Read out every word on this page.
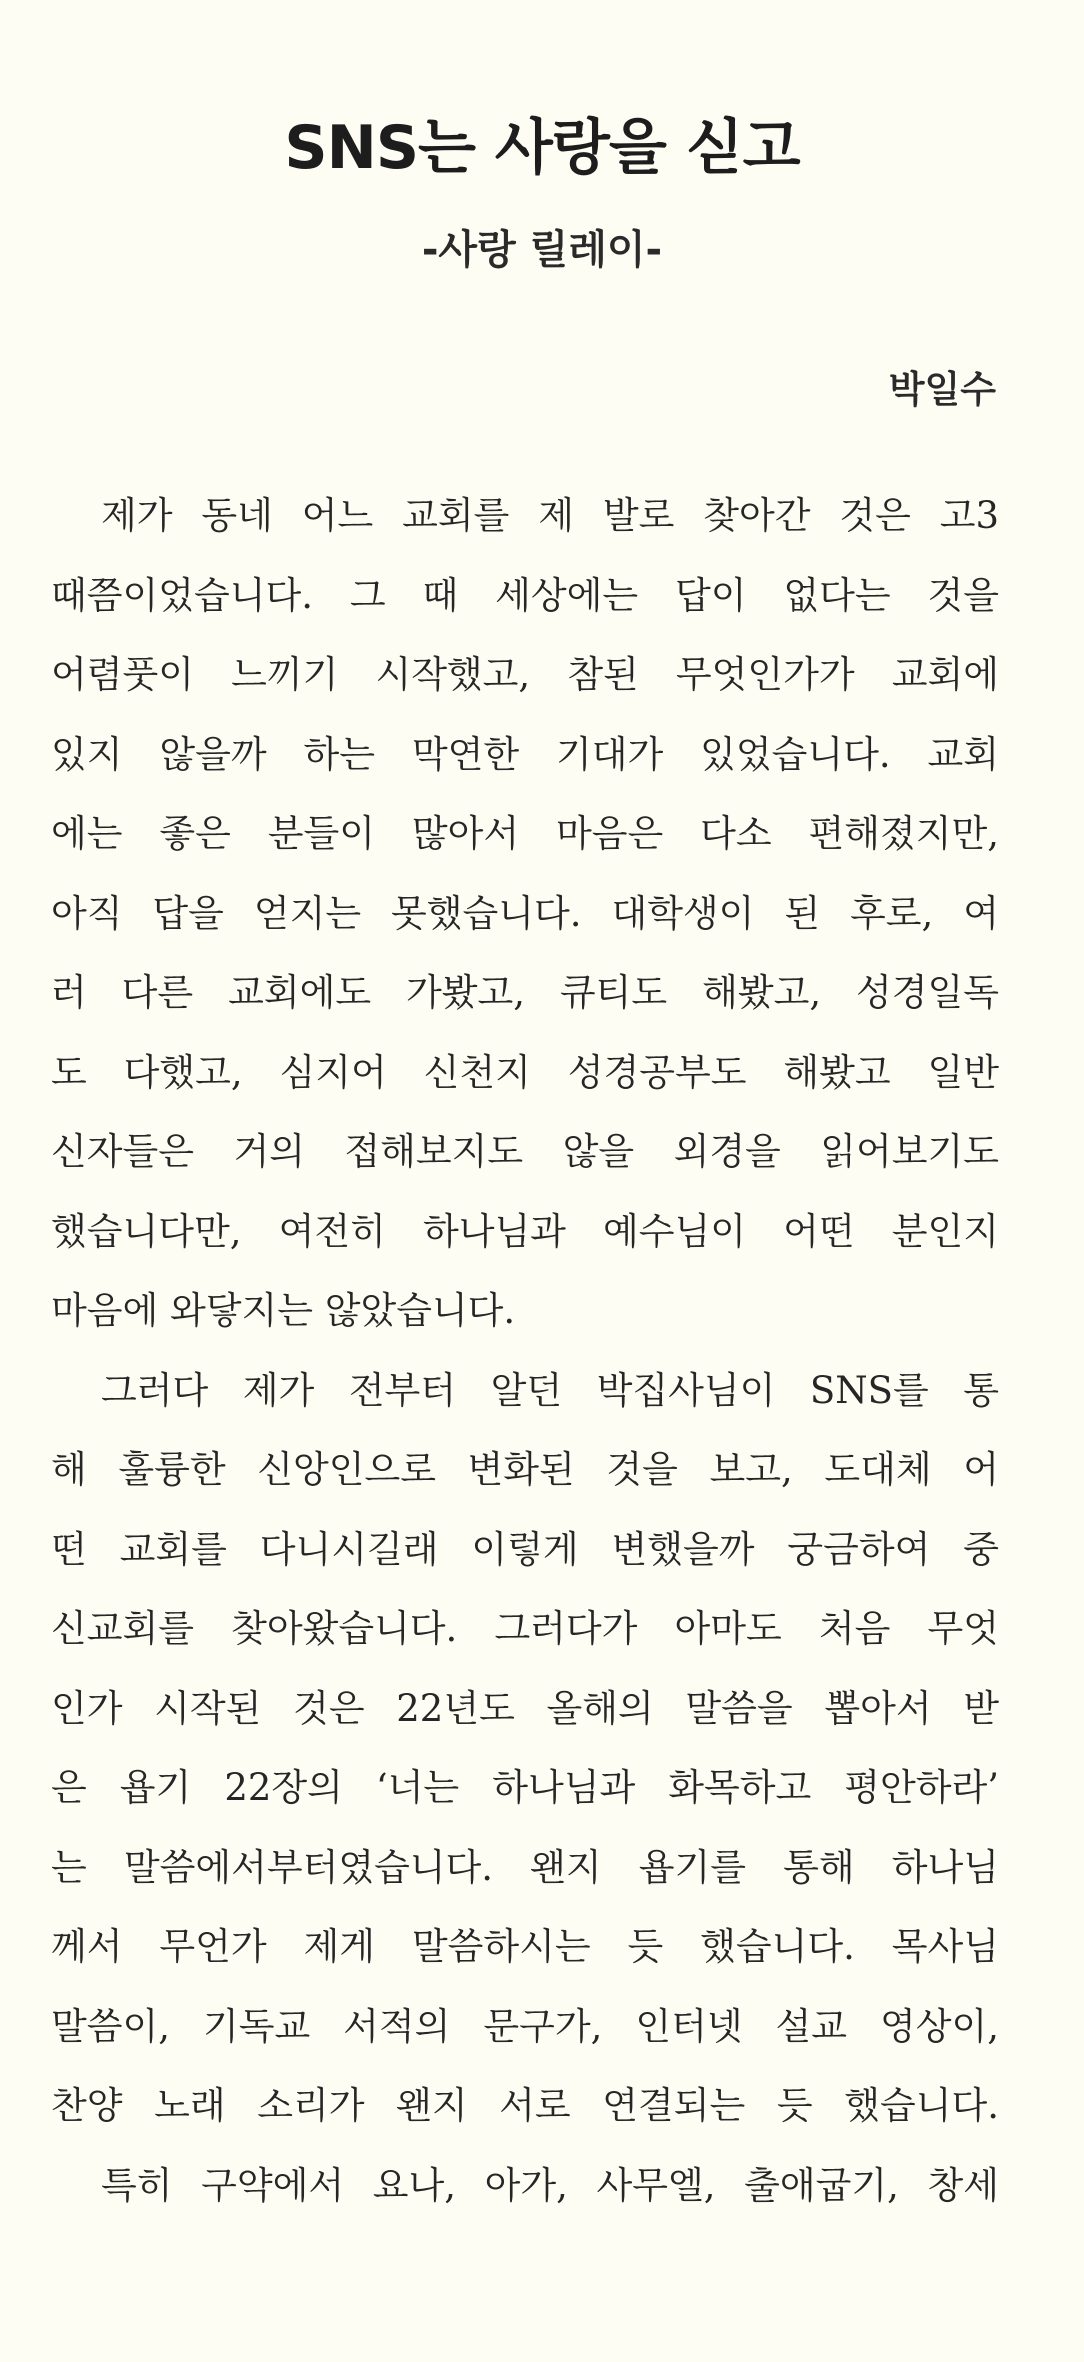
SNS는 사랑을 싣고
-사랑 릴레이-
박일수
제가 동네 어느 교회를 제 발로 찾아간 것은 고3
때쯤이었습니다. 그 때 세상에는 답이 없다는 것을
어렴풋이 느끼기 시작했고, 참된 무엇인가가 교회에
있지 않을까 하는 막연한 기대가 있었습니다. 교회
에는 좋은 분들이 많아서 마음은 다소 편해졌지만,
아직 답을 얻지는 못했습니다. 대학생이 된 후로, 여
러 다른 교회에도 가봤고, 큐티도 해봤고, 성경일독
도 다했고, 심지어 신천지 성경공부도 해봤고 일반
신자들은 거의 접해보지도 않을 외경을 읽어보기도
했습니다만, 여전히 하나님과 예수님이 어떤 분인지
마음에 와닿지는 않았습니다.
그러다 제가 전부터 알던 박집사님이 SNS를 통
해 훌륭한 신앙인으로 변화된 것을 보고, 도대체 어
떤 교회를 다니시길래 이렇게 변했을까 궁금하여 중
신교회를 찾아왔습니다. 그러다가 아마도 처음 무엇
인가 시작된 것은 22년도 올해의 말씀을 뽑아서 받
은 욥기 22장의 ‘너는 하나님과 화목하고 평안하라’
는 말씀에서부터였습니다. 왠지 욥기를 통해 하나님
께서 무언가 제게 말씀하시는 듯 했습니다. 목사님
말씀이, 기독교 서적의 문구가, 인터넷 설교 영상이,
찬양 노래 소리가 왠지 서로 연결되는 듯 했습니다.
특히 구약에서 요나, 아가, 사무엘, 출애굽기, 창세
